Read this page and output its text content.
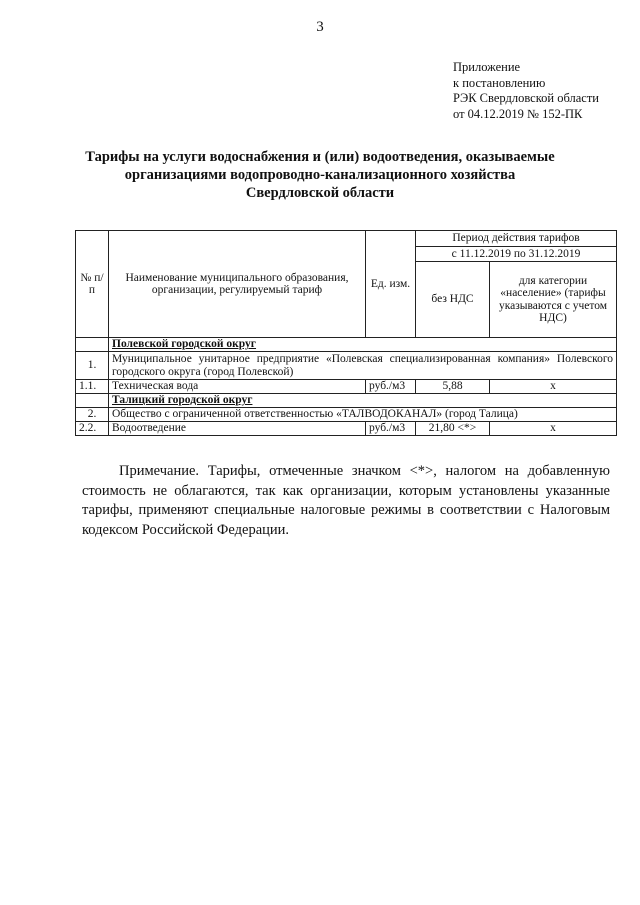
3
Приложение
к постановлению
РЭК Свердловской области
от 04.12.2019 № 152-ПК
Тарифы на услуги водоснабжения и (или) водоотведения, оказываемые
организациями водопроводно-канализационного хозяйства
Свердловской области
№ п/п	Наименование муниципального образования, организации, регулируемый тариф	Ед. изм.	Период действия тарифов	
			с 11.12.2019 по 31.12.2019	
			без НДС	для категории «население» (тарифы указываются с учетом НДС)
	Полевской городской округ			
1.	Муниципальное унитарное предприятие «Полевская специализированная компания» Полевского городского округа (город Полевской)			
1.1.	Техническая вода	руб./м3	5,88	х
	Талицкий городской округ			
2.	Общество с ограниченной ответственностью «ТАЛВОДОКАНАЛ» (город Талица)			
2.2.	Водоотведение	руб./м3	21,80 <*>	х
Примечание. Тарифы, отмеченные значком <*>, налогом на добавленную стоимость не облагаются, так как организации, которым установлены указанные тарифы, применяют специальные налоговые режимы в соответствии с Налоговым кодексом Российской Федерации.
